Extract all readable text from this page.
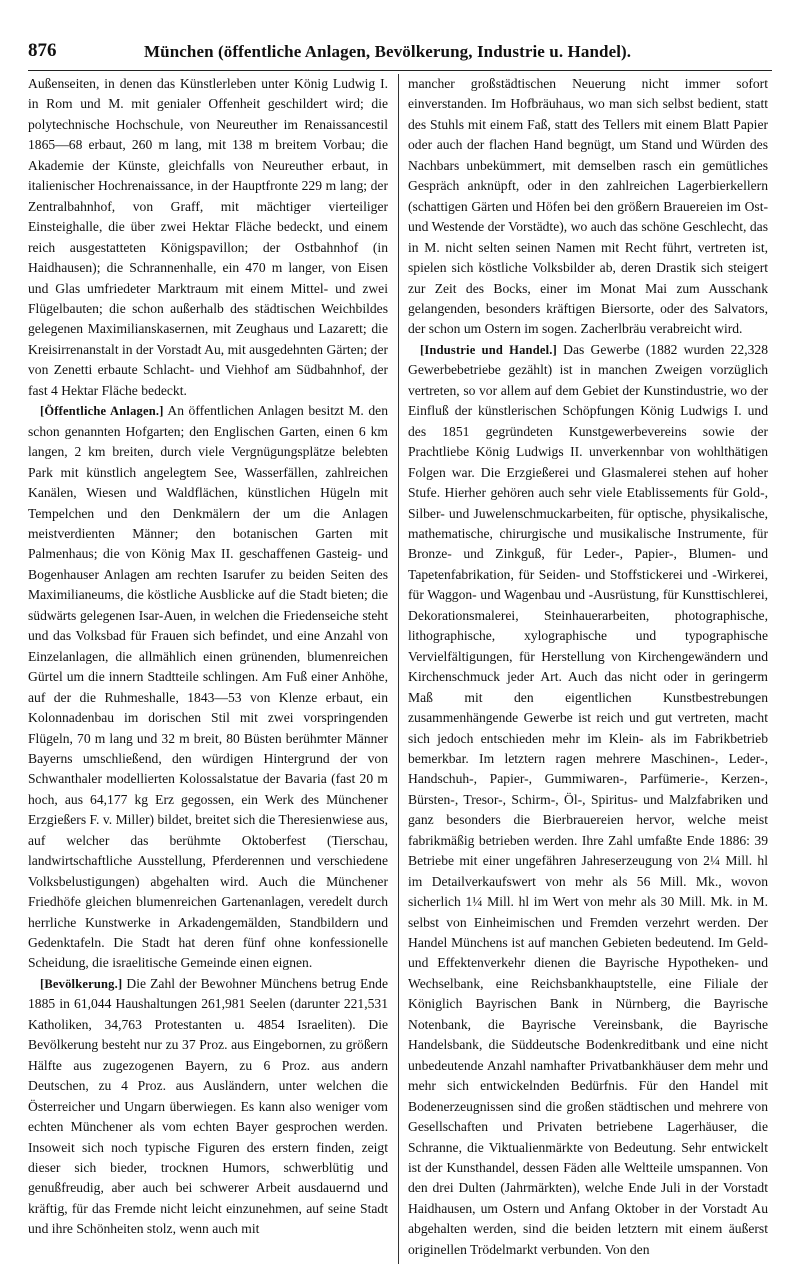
876	München (öffentliche Anlagen, Bevölkerung, Industrie u. Handel).

Außenseiten, in denen das Künstlerleben unter König Ludwig I. in Rom und M. mit genialer Offenheit geschildert wird; die polytechnische Hochschule, von Neureuther im Renaissancestil 1865—68 erbaut, 260 m lang, mit 138 m breitem Vorbau; die Akademie der Künste, gleichfalls von Neureuther erbaut, in italienischer Hochrenaissance, in der Hauptfronte 229 m lang; der Zentralbahnhof, von Graff, mit mächtiger vierteiliger Einsteighalle, die über zwei Hektar Fläche bedeckt, und einem reich ausgestatteten Königspavillon; der Ostbahnhof (in Haidhausen); die Schrannenhalle, ein 470 m langer, von Eisen und Glas umfriedeter Marktraum mit einem Mittel- und zwei Flügelbauten; die schon außerhalb des städtischen Weichbildes gelegenen Maximilianskasernen, mit Zeughaus und Lazarett; die Kreisirrenanstalt in der Vorstadt Au, mit ausgedehnten Gärten; der von Zenetti erbaute Schlacht- und Viehhof am Südbahnhof, der fast 4 Hektar Fläche bedeckt.

[Öffentliche Anlagen.] An öffentlichen Anlagen besitzt M. den schon genannten Hofgarten; den Englischen Garten, einen 6 km langen, 2 km breiten, durch viele Vergnügungsplätze belebten Park mit künstlich angelegtem See, Wasserfällen, zahlreichen Kanälen, Wiesen und Waldflächen, künstlichen Hügeln mit Tempelchen und den Denkmälern der um die Anlagen meistverdienten Männer; den botanischen Garten mit Palmenhaus; die von König Max II. geschaffenen Gasteig- und Bogenhauser Anlagen am rechten Isarufer zu beiden Seiten des Maximilianeums, die köstliche Ausblicke auf die Stadt bieten; die südwärts gelegenen Isar-Auen, in welchen die Friedenseiche steht und das Volksbad für Frauen sich befindet, und eine Anzahl von Einzelanlagen, die allmählich einen grünenden, blumenreichen Gürtel um die innern Stadtteile schlingen. Am Fuß einer Anhöhe, auf der die Ruhmeshalle, 1843—53 von Klenze erbaut, ein Kolonnadenbau im dorischen Stil mit zwei vorspringenden Flügeln, 70 m lang und 32 m breit, 80 Büsten berühmter Männer Bayerns umschließend, den würdigen Hintergrund der von Schwanthaler modellierten Kolossalstatue der Bavaria (fast 20 m hoch, aus 64,177 kg Erz gegossen, ein Werk des Münchener Erzgießers F. v. Miller) bildet, breitet sich die Theresienwiese aus, auf welcher das berühmte Oktoberfest (Tierschau, landwirtschaftliche Ausstellung, Pferderennen und verschiedene Volksbelustigungen) abgehalten wird. Auch die Münchener Friedhöfe gleichen blumenreichen Gartenanlagen, veredelt durch herrliche Kunstwerke in Arkadengemälden, Standbildern und Gedenktafeln. Die Stadt hat deren fünf ohne konfessionelle Scheidung, die israelitische Gemeinde einen eignen.

[Bevölkerung.] Die Zahl der Bewohner Münchens betrug Ende 1885 in 61,044 Haushaltungen 261,981 Seelen (darunter 221,531 Katholiken, 34,763 Protestanten u. 4854 Israeliten). Die Bevölkerung besteht nur zu 37 Proz. aus Eingebornen, zu größern Hälfte aus zugezogenen Bayern, zu 6 Proz. aus andern Deutschen, zu 4 Proz. aus Ausländern, unter welchen die Österreicher und Ungarn überwiegen. Es kann also weniger vom echten Münchener als vom echten Bayer gesprochen werden. Insoweit sich noch typische Figuren des erstern finden, zeigt dieser sich bieder, trocknen Humors, schwerblütig und genußfreudig, aber auch bei schwerer Arbeit ausdauernd und kräftig, für das Fremde nicht leicht einzunehmen, auf seine Stadt und ihre Schönheiten stolz, wenn auch mit

mancher großstädtischen Neuerung nicht immer sofort einverstanden. Im Hofbräuhaus, wo man sich selbst bedient, statt des Stuhls mit einem Faß, statt des Tellers mit einem Blatt Papier oder auch der flachen Hand begnügt, um Stand und Würden des Nachbars unbekümmert, mit demselben rasch ein gemütliches Gespräch anknüpft, oder in den zahlreichen Lagerbierkellern (schattigen Gärten und Höfen bei den größern Brauereien im Ost- und Westende der Vorstädte), wo auch das schöne Geschlecht, das in M. nicht selten seinen Namen mit Recht führt, vertreten ist, spielen sich köstliche Volksbilder ab, deren Drastik sich steigert zur Zeit des Bocks, einer im Monat Mai zum Ausschank gelangenden, besonders kräftigen Biersorte, oder des Salvators, der schon um Ostern im sogen. Zacherlbräu verabreicht wird.

[Industrie und Handel.] Das Gewerbe (1882 wurden 22,328 Gewerbebetriebe gezählt) ist in manchen Zweigen vorzüglich vertreten, so vor allem auf dem Gebiet der Kunstindustrie, wo der Einfluß der künstlerischen Schöpfungen König Ludwigs I. und des 1851 gegründeten Kunstgewerbevereins sowie der Prachtliebe König Ludwigs II. unverkennbar von wohlthätigen Folgen war. Die Erzgießerei und Glasmalerei stehen auf hoher Stufe. Hierher gehören auch sehr viele Etablissements für Gold-, Silber- und Juwelenschmuckarbeiten, für optische, physikalische, mathematische, chirurgische und musikalische Instrumente, für Bronze- und Zinkguß, für Leder-, Papier-, Blumen- und Tapetenfabrikation, für Seiden- und Stoffstickerei und -Wirkerei, für Waggon- und Wagenbau und -Ausrüstung, für Kunsttischlerei, Dekorationsmalerei, Steinhauerarbeiten, photographische, lithographische, xylographische und typographische Vervielfältigungen, für Herstellung von Kirchengewändern und Kirchenschmuck jeder Art. Auch das nicht oder in geringerm Maß mit den eigentlichen Kunstbestrebungen zusammenhängende Gewerbe ist reich und gut vertreten, macht sich jedoch entschieden mehr im Klein- als im Fabrikbetrieb bemerkbar. Im letztern ragen mehrere Maschinen-, Leder-, Handschuh-, Papier-, Gummiwaren-, Parfümerie-, Kerzen-, Bürsten-, Tresor-, Schirm-, Öl-, Spiritus- und Malzfabriken und ganz besonders die Bierbrauereien hervor, welche meist fabrikmäßig betrieben werden. Ihre Zahl umfaßte Ende 1886: 39 Betriebe mit einer ungefähren Jahreserzeugung von 2¼ Mill. hl im Detailverkaufswert von mehr als 56 Mill. Mk., wovon sicherlich 1¼ Mill. hl im Wert von mehr als 30 Mill. Mk. in M. selbst von Einheimischen und Fremden verzehrt werden. Der Handel Münchens ist auf manchen Gebieten bedeutend. Im Geld- und Effektenverkehr dienen die Bayrische Hypotheken- und Wechselbank, eine Reichsbankhauptstelle, eine Filiale der Königlich Bayrischen Bank in Nürnberg, die Bayrische Notenbank, die Bayrische Vereinsbank, die Bayrische Handelsbank, die Süddeutsche Bodenkreditbank und eine nicht unbedeutende Anzahl namhafter Privatbankhäuser dem mehr und mehr sich entwickelnden Bedürfnis. Für den Handel mit Bodenerzeugnissen sind die großen städtischen und mehrere von Gesellschaften und Privaten betriebene Lagerhäuser, die Schranne, die Viktualienmärkte von Bedeutung. Sehr entwickelt ist der Kunsthandel, dessen Fäden alle Weltteile umspannen. Von den drei Dulten (Jahrmärkten), welche Ende Juli in der Vorstadt Haidhausen, um Ostern und Anfang Oktober in der Vorstadt Au abgehalten werden, sind die beiden letztern mit einem äußerst originellen Trödelmarkt verbunden. Von den
